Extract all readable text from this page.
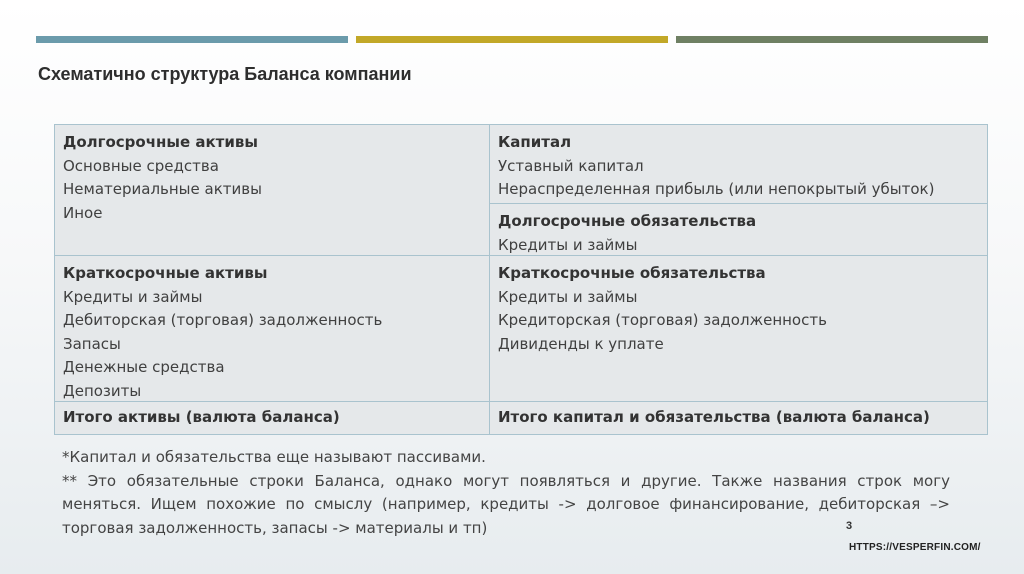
Схематично структура Баланса компании
Долгосрочные активы
Основные средства
Нематериальные активы
Иное
Капитал
Уставный капитал
Нераспределенная прибыль (или непокрытый убыток)
Долгосрочные обязательства
Кредиты и займы
Краткосрочные активы
Кредиты и займы
Дебиторская (торговая) задолженность
Запасы
Денежные средства
Депозиты
Краткосрочные обязательства
Кредиты и займы
Кредиторская (торговая) задолженность
Дивиденды к уплате
Итого активы (валюта баланса)	Итого капитал и обязательства (валюта баланса)

*Капитал и обязательства еще называют пассивами.

** Это обязательные строки Баланса, однако могут появляться и другие. Также названия строк могу меняться. Ищем похожие по смыслу (например, кредиты -> долговое финансирование, дебиторская –> торговая задолженность, запасы -> материалы и тп)	3
HTTPS://VESPERFIN.COM/
